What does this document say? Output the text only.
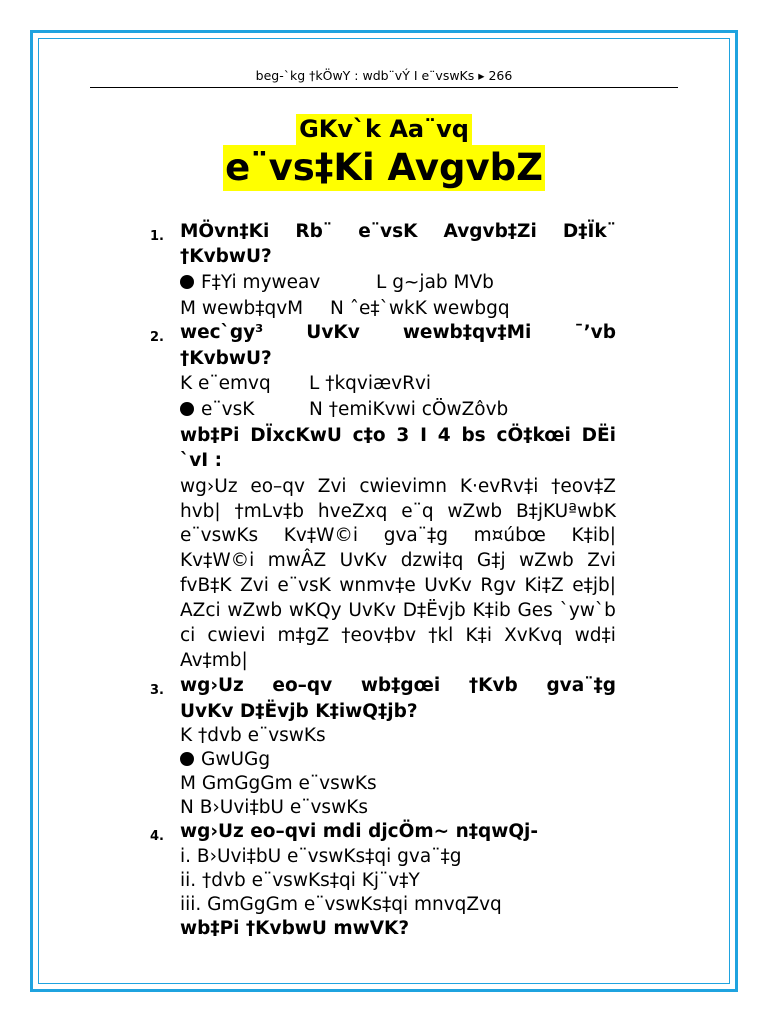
beg-`kg †kÖwY : wdb¨vÝ I e¨vswKs ▸ 266
GKv`k Aa¨vq
e¨vs‡Ki AvgvbZ
1. MÖvn‡Ki Rb¨ e¨vsK Avgvb‡Zi D‡Ïk¨
†KvbwU?
F‡Yi myweav	L g~jab MVb
M wewb‡qvM N ˆe‡`wkK wewbgq
2. wec`gy³ UvKv wewb‡qv‡Mi ¯’vb
†KvbwU?
K e¨emvq L †kqviævRvi
e¨vsK	N †emiKvwi cÖwZôvb
wb‡Pi DÏxcKwU c‡o 3 I 4 bs cÖ‡kœi DËi
`vI :
wg›Uz eo–qv Zvi cwievimn K·evRv‡i †eov‡Z
hvb| †mLv‡b hveZxq e¨q wZwb B‡jKUªwbK
e¨vswKs Kv‡W©i gva¨‡g m¤úbœ K‡ib|
Kv‡W©i mwÂZ UvKv dzwi‡q G‡j wZwb Zvi
fvB‡K Zvi e¨vsK wnmv‡e UvKv Rgv Ki‡Z e‡jb|
AZci wZwb wKQy UvKv D‡Ëvjb K‡ib Ges `yw`b
ci cwievi m‡gZ †eov‡bv †kl K‡i XvKvq wd‡i
Av‡mb|
3. wg›Uz eo–qv wb‡gœi †Kvb gva¨‡g
UvKv D‡Ëvjb K‡iwQ‡jb?
K †dvb e¨vswKs
GwUGg
M GmGgGm e¨vswKs
N B›Uvi‡bU e¨vswKs
4. wg›Uz eo–qvi mdi djcÖm~ n‡qwQj-
i. B›Uvi‡bU e¨vswKs‡qi gva¨‡g
ii. †dvb e¨vswKs‡qi Kj¨v‡Y
iii. GmGgGm e¨vswKs‡qi mnvqZvq
wb‡Pi †KvbwU mwVK?
